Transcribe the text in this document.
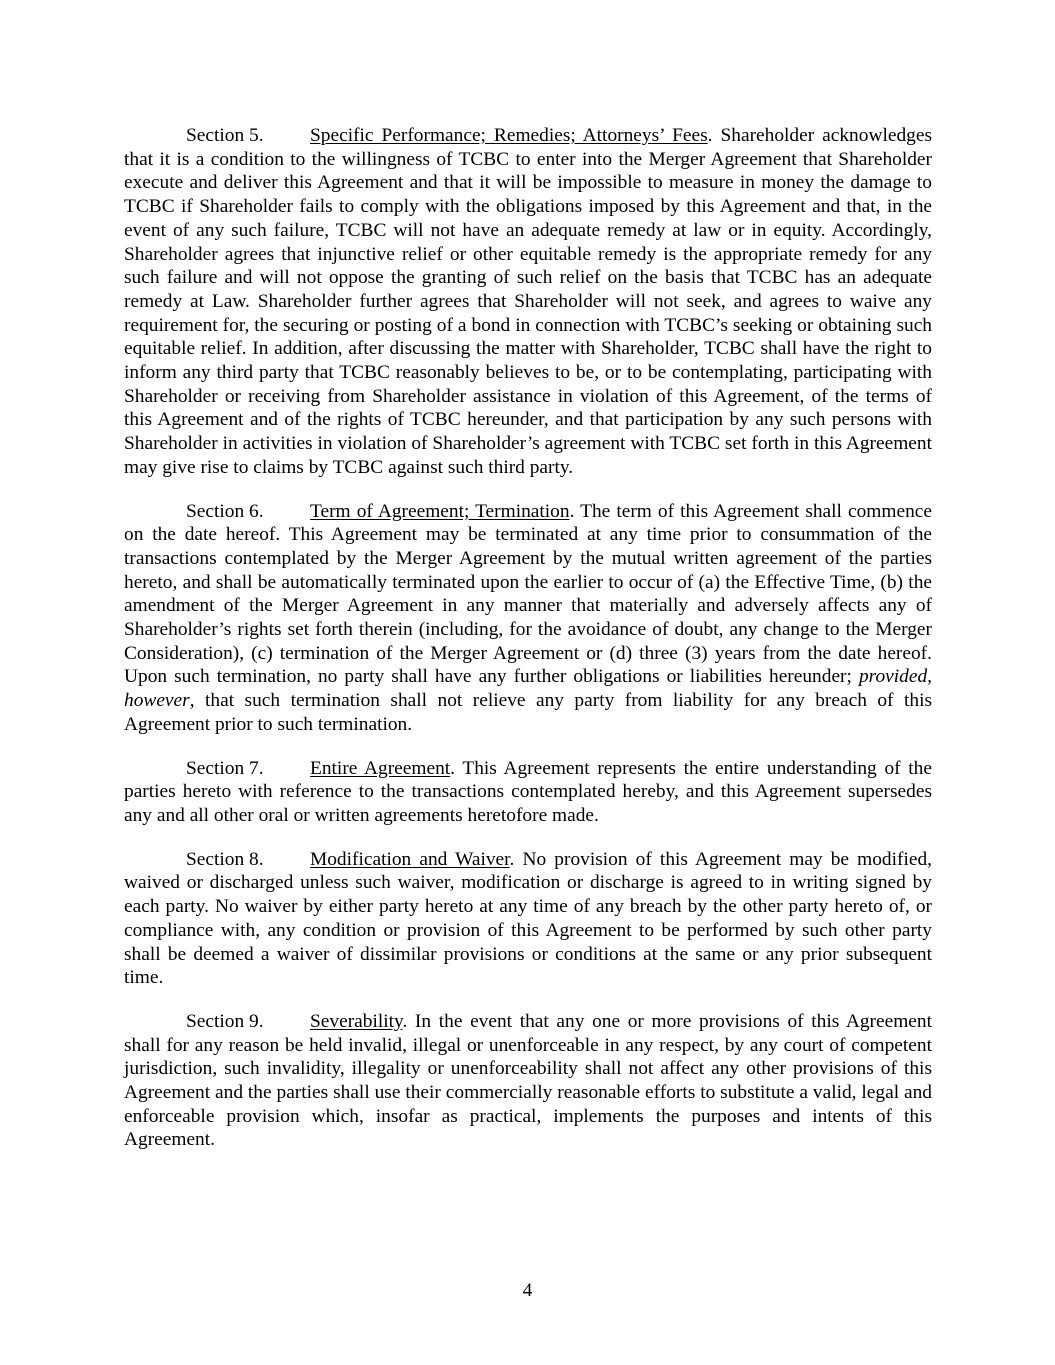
Section 5. Specific Performance; Remedies; Attorneys’ Fees. Shareholder acknowledges that it is a condition to the willingness of TCBC to enter into the Merger Agreement that Shareholder execute and deliver this Agreement and that it will be impossible to measure in money the damage to TCBC if Shareholder fails to comply with the obligations imposed by this Agreement and that, in the event of any such failure, TCBC will not have an adequate remedy at law or in equity. Accordingly, Shareholder agrees that injunctive relief or other equitable remedy is the appropriate remedy for any such failure and will not oppose the granting of such relief on the basis that TCBC has an adequate remedy at Law. Shareholder further agrees that Shareholder will not seek, and agrees to waive any requirement for, the securing or posting of a bond in connection with TCBC’s seeking or obtaining such equitable relief. In addition, after discussing the matter with Shareholder, TCBC shall have the right to inform any third party that TCBC reasonably believes to be, or to be contemplating, participating with Shareholder or receiving from Shareholder assistance in violation of this Agreement, of the terms of this Agreement and of the rights of TCBC hereunder, and that participation by any such persons with Shareholder in activities in violation of Shareholder’s agreement with TCBC set forth in this Agreement may give rise to claims by TCBC against such third party.

Section 6. Term of Agreement; Termination. The term of this Agreement shall commence on the date hereof. This Agreement may be terminated at any time prior to consummation of the transactions contemplated by the Merger Agreement by the mutual written agreement of the parties hereto, and shall be automatically terminated upon the earlier to occur of (a) the Effective Time, (b) the amendment of the Merger Agreement in any manner that materially and adversely affects any of Shareholder’s rights set forth therein (including, for the avoidance of doubt, any change to the Merger Consideration), (c) termination of the Merger Agreement or (d) three (3) years from the date hereof. Upon such termination, no party shall have any further obligations or liabilities hereunder; provided, however, that such termination shall not relieve any party from liability for any breach of this Agreement prior to such termination.

Section 7. Entire Agreement. This Agreement represents the entire understanding of the parties hereto with reference to the transactions contemplated hereby, and this Agreement supersedes any and all other oral or written agreements heretofore made.

Section 8. Modification and Waiver. No provision of this Agreement may be modified, waived or discharged unless such waiver, modification or discharge is agreed to in writing signed by each party. No waiver by either party hereto at any time of any breach by the other party hereto of, or compliance with, any condition or provision of this Agreement to be performed by such other party shall be deemed a waiver of dissimilar provisions or conditions at the same or any prior subsequent time.

Section 9. Severability. In the event that any one or more provisions of this Agreement shall for any reason be held invalid, illegal or unenforceable in any respect, by any court of competent jurisdiction, such invalidity, illegality or unenforceability shall not affect any other provisions of this Agreement and the parties shall use their commercially reasonable efforts to substitute a valid, legal and enforceable provision which, insofar as practical, implements the purposes and intents of this Agreement.

4
